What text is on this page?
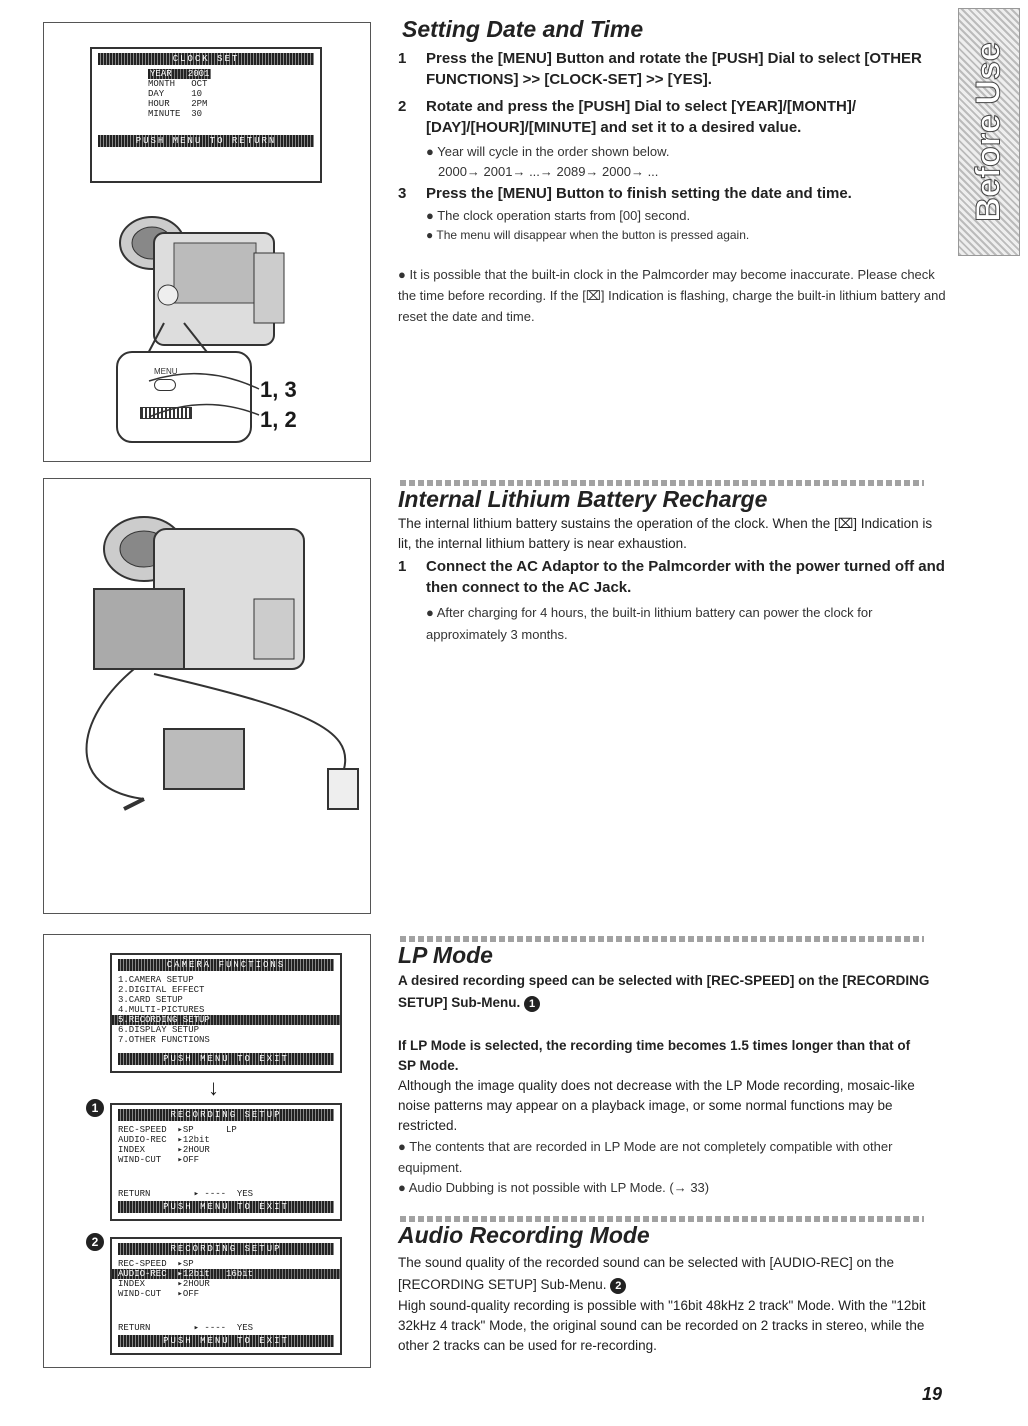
Before Use
CLOCK SET
YEAR   2001
MONTH   OCT
DAY     10
HOUR    2PM
MINUTE  30
PUSH MENU TO RETURN
MENU
1, 3
1, 2
Setting Date and Time
1 Press the [MENU] Button and rotate the [PUSH] Dial to select [OTHER FUNCTIONS] >> [CLOCK-SET] >> [YES].
2 Rotate and press the [PUSH] Dial to select [YEAR]/[MONTH]/ [DAY]/[HOUR]/[MINUTE] and set it to a desired value.
● Year will cycle in the order shown below.
2000→ 2001→ ...→ 2089→ 2000→ ...
3 Press the [MENU] Button to finish setting the date and time.
● The clock operation starts from [00] second.
● The menu will disappear when the button is pressed again.
● It is possible that the built-in clock in the Palmcorder may become inaccurate. Please check the time before recording. If the [⌧] Indication is flashing, charge the built-in lithium battery and reset the date and time.
Internal Lithium Battery Recharge
The internal lithium battery sustains the operation of the clock. When the [⌧] Indication is lit, the internal lithium battery is near exhaustion.
1 Connect the AC Adaptor to the Palmcorder with the power turned off and then connect to the AC Jack.
● After charging for 4 hours, the built-in lithium battery can power the clock for approximately 3 months.
CAMERA FUNCTIONS
1.CAMERA SETUP
2.DIGITAL EFFECT
3.CARD SETUP
4.MULTI-PICTURES
5.RECORDING SETUP
6.DISPLAY SETUP
7.OTHER FUNCTIONS
PUSH MENU TO EXIT
↓
1	RECORDING SETUP
REC-SPEED  ▸SP      LP
AUDIO-REC  ▸12bit
INDEX      ▸2HOUR
WIND-CUT   ▸OFF
RETURN        ▸ ----  YES
PUSH MENU TO EXIT
2	RECORDING SETUP
REC-SPEED  ▸SP
AUDIO-REC  ▸12bit   16bit
INDEX      ▸2HOUR
WIND-CUT   ▸OFF
RETURN        ▸ ----  YES
PUSH MENU TO EXIT
LP Mode
A desired recording speed can be selected with [REC-SPEED] on the [RECORDING SETUP] Sub-Menu. 1
If LP Mode is selected, the recording time becomes 1.5 times longer than that of SP Mode.
Although the image quality does not decrease with the LP Mode recording, mosaic-like noise patterns may appear on a playback image, or some normal functions may be restricted.
● The contents that are recorded in LP Mode are not completely compatible with other equipment.
● Audio Dubbing is not possible with LP Mode. (→ 33)
Audio Recording Mode
The sound quality of the recorded sound can be selected with [AUDIO-REC] on the [RECORDING SETUP] Sub-Menu. 2
High sound-quality recording is possible with "16bit 48kHz 2 track" Mode. With the "12bit 32kHz 4 track" Mode, the original sound can be recorded on 2 tracks in stereo, while the other 2 tracks can be used for re-recording.
19
